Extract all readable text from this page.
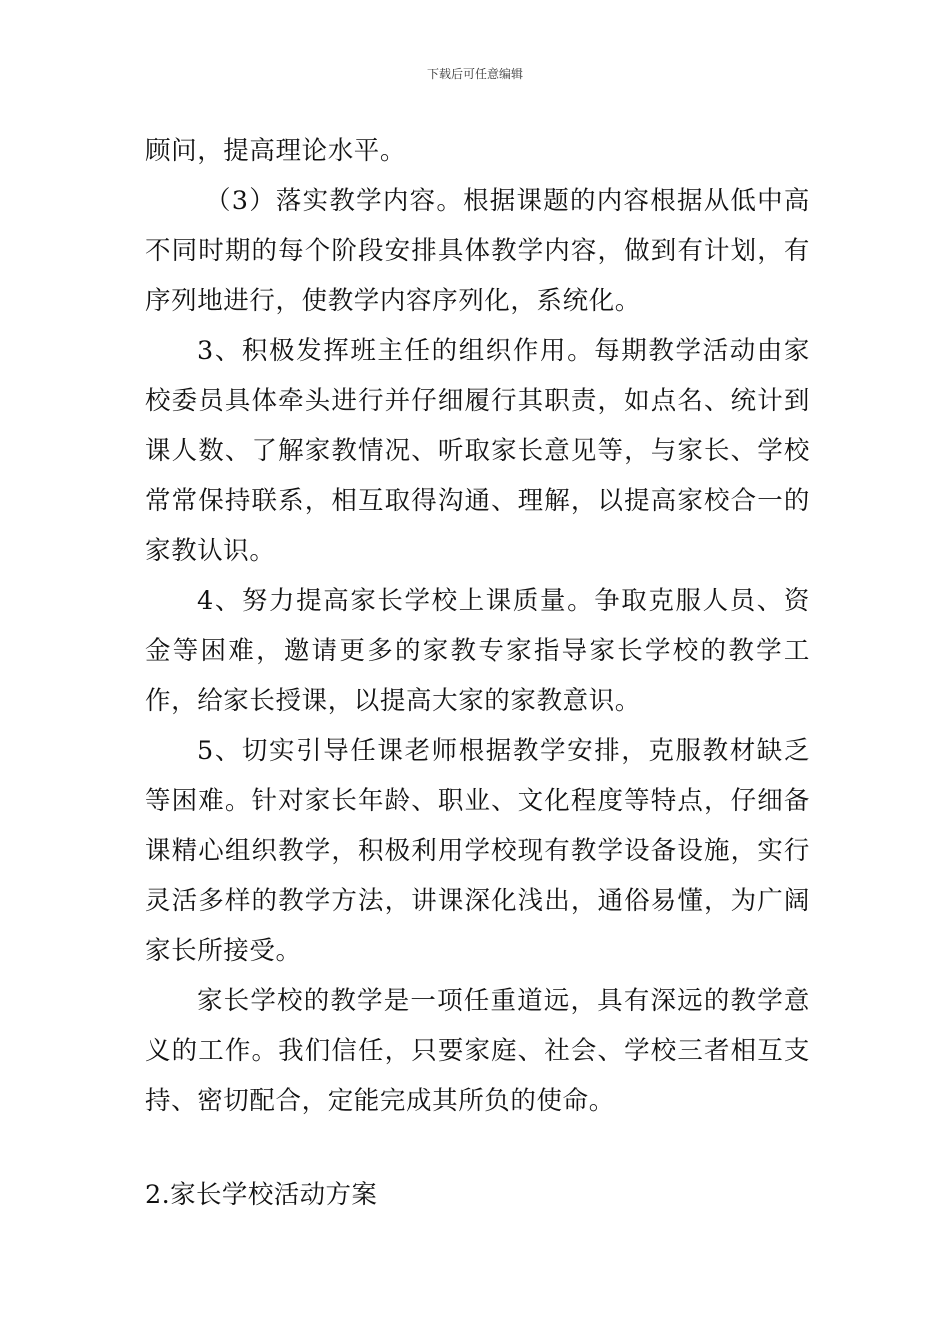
下载后可任意编辑

顾问，提高理论水平。

（3）落实教学内容。根据课题的内容根据从低中高不同时期的每个阶段安排具体教学内容，做到有计划，有序列地进行，使教学内容序列化，系统化。

3、积极发挥班主任的组织作用。每期教学活动由家校委员具体牵头进行并仔细履行其职责，如点名、统计到课人数、了解家教情况、听取家长意见等，与家长、学校常常保持联系，相互取得沟通、理解，以提高家校合一的家教认识。

4、努力提高家长学校上课质量。争取克服人员、资金等困难，邀请更多的家教专家指导家长学校的教学工作，给家长授课，以提高大家的家教意识。

5、切实引导任课老师根据教学安排，克服教材缺乏等困难。针对家长年龄、职业、文化程度等特点，仔细备课精心组织教学，积极利用学校现有教学设备设施，实行灵活多样的教学方法，讲课深化浅出，通俗易懂，为广阔家长所接受。

家长学校的教学是一项任重道远，具有深远的教学意义的工作。我们信任，只要家庭、社会、学校三者相互支持、密切配合，定能完成其所负的使命。

2.家长学校活动方案
